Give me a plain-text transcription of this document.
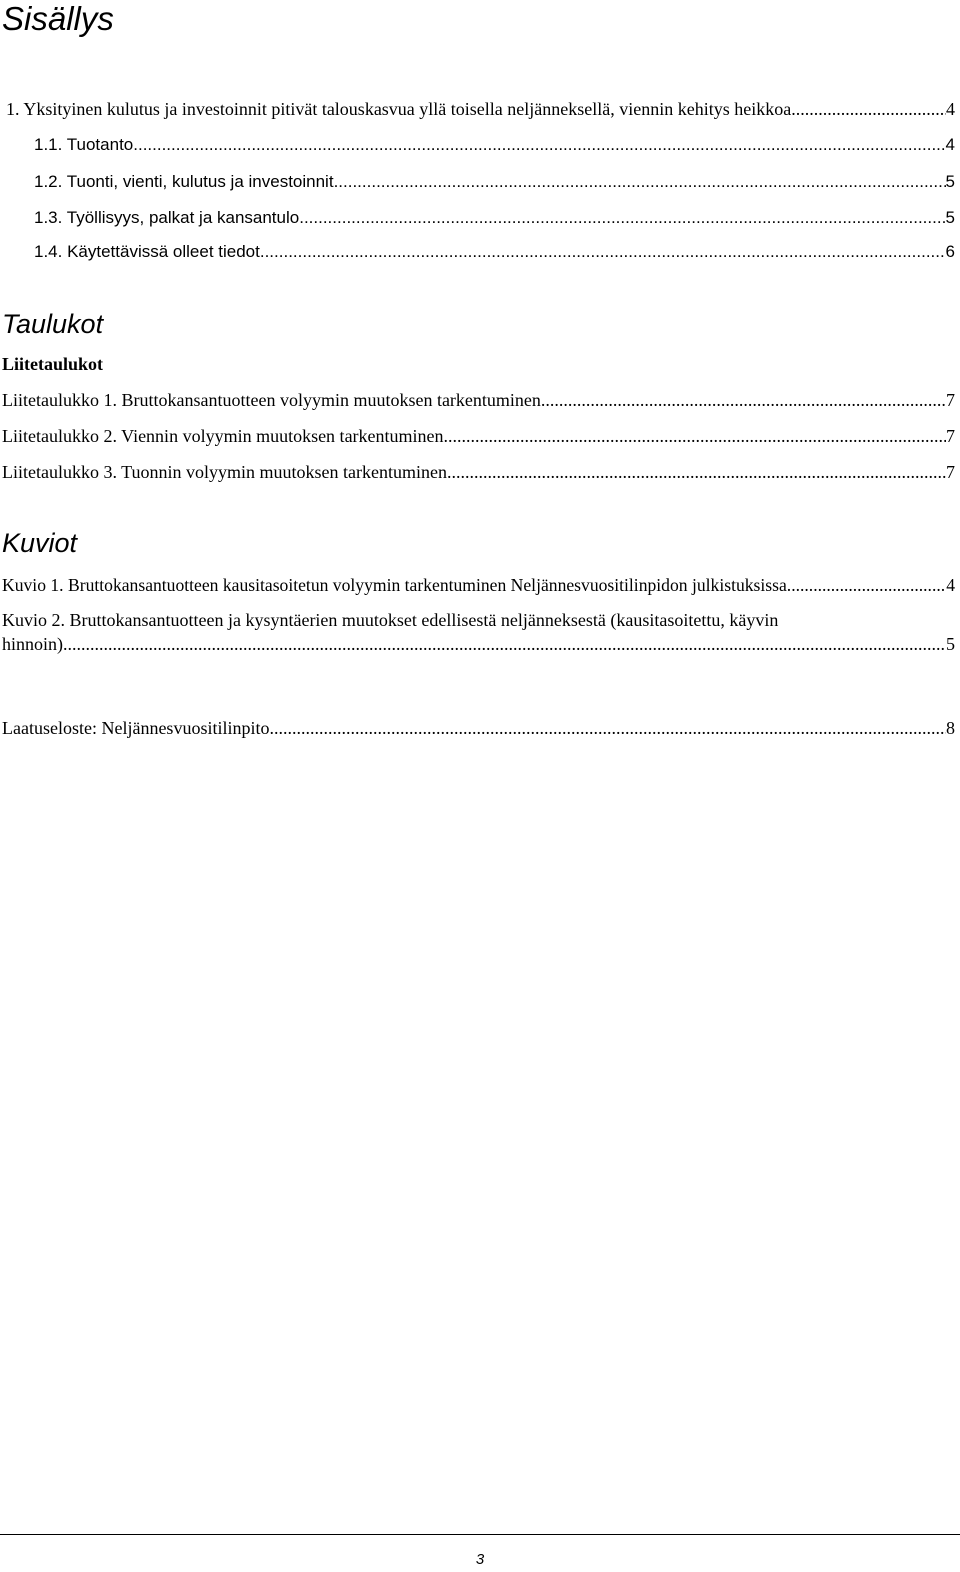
Sisällys
1. Yksityinen kulutus ja investoinnit pitivät talouskasvua yllä toisella neljänneksellä, viennin kehitys heikkoa .....	4
1.1. Tuotanto .....	4
1.2. Tuonti, vienti, kulutus ja investoinnit .....	5
1.3. Työllisyys, palkat ja kansantulo .....	5
1.4. Käytettävissä olleet tiedot .....	6
Taulukot
Liitetaulukot
Liitetaulukko 1. Bruttokansantuotteen volyymin muutoksen tarkentuminen .....	7
Liitetaulukko 2. Viennin volyymin muutoksen tarkentuminen .....	7
Liitetaulukko 3. Tuonnin volyymin muutoksen tarkentuminen .....	7
Kuviot
Kuvio 1. Bruttokansantuotteen kausitasoitetun volyymin tarkentuminen Neljännesvuositilinpidon julkistuksissa .....	4
Kuvio 2. Bruttokansantuotteen ja kysyntäerien muutokset edellisestä neljänneksestä (kausitasoitettu, käyvin
hinnoin) .....	5
Laatuseloste: Neljännesvuositilinpito .....	8
3
